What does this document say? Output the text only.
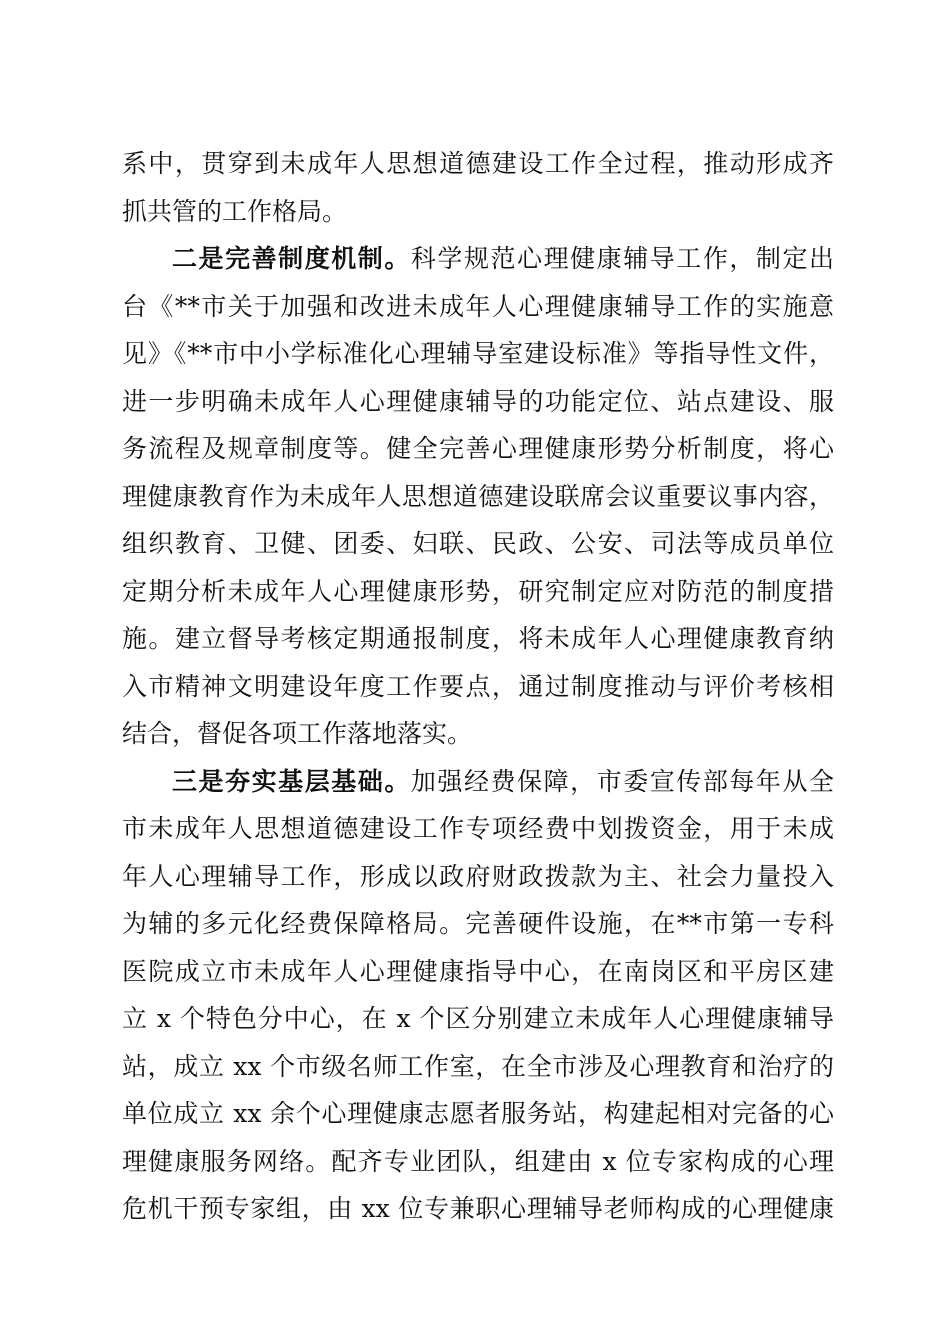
系中，贯穿到未成年人思想道德建设工作全过程，推动形成齐
抓共管的工作格局。
二是完善制度机制。科学规范心理健康辅导工作，制定出
台《**市关于加强和改进未成年人心理健康辅导工作的实施意
见》《**市中小学标准化心理辅导室建设标准》等指导性文件，
进一步明确未成年人心理健康辅导的功能定位、站点建设、服
务流程及规章制度等。健全完善心理健康形势分析制度，将心
理健康教育作为未成年人思想道德建设联席会议重要议事内容，
组织教育、卫健、团委、妇联、民政、公安、司法等成员单位
定期分析未成年人心理健康形势，研究制定应对防范的制度措
施。建立督导考核定期通报制度，将未成年人心理健康教育纳
入市精神文明建设年度工作要点，通过制度推动与评价考核相
结合，督促各项工作落地落实。
三是夯实基层基础。加强经费保障，市委宣传部每年从全
市未成年人思想道德建设工作专项经费中划拨资金，用于未成
年人心理辅导工作，形成以政府财政拨款为主、社会力量投入
为辅的多元化经费保障格局。完善硬件设施，在**市第一专科
医院成立市未成年人心理健康指导中心，在南岗区和平房区建
立 x 个特色分中心，在 x 个区分别建立未成年人心理健康辅导
站，成立 xx 个市级名师工作室，在全市涉及心理教育和治疗的
单位成立 xx 余个心理健康志愿者服务站，构建起相对完备的心
理健康服务网络。配齐专业团队，组建由 x 位专家构成的心理
危机干预专家组，由 xx 位专兼职心理辅导老师构成的心理健康
